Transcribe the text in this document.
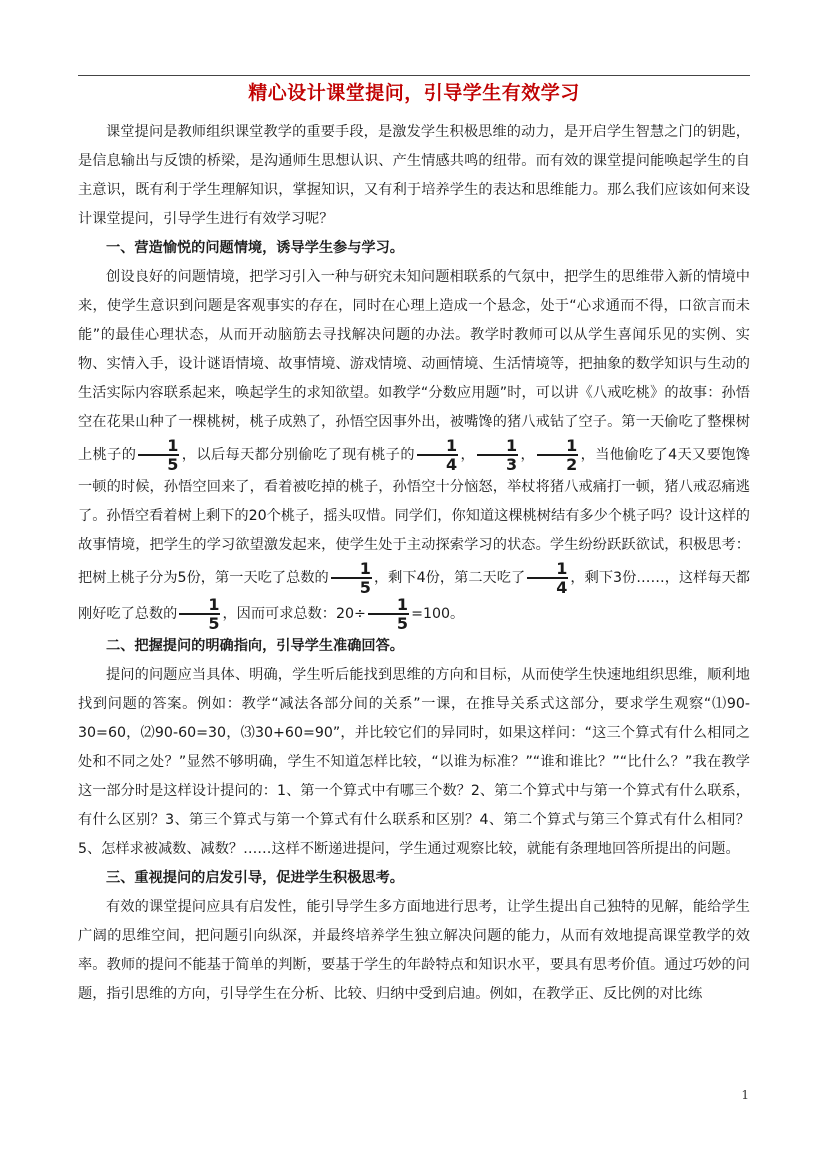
精心设计课堂提问，引导学生有效学习

课堂提问是教师组织课堂教学的重要手段，是激发学生积极思维的动力，是开启学生智慧之门的钥匙，是信息输出与反馈的桥梁，是沟通师生思想认识、产生情感共鸣的纽带。而有效的课堂提问能唤起学生的自主意识，既有利于学生理解知识，掌握知识，又有利于培养学生的表达和思维能力。那么我们应该如何来设计课堂提问，引导学生进行有效学习呢？

一、营造愉悦的问题情境，诱导学生参与学习。

创设良好的问题情境，把学习引入一种与研究未知问题相联系的气氛中，把学生的思维带入新的情境中来，使学生意识到问题是客观事实的存在，同时在心理上造成一个悬念，处于“心求通而不得，口欲言而未能”的最佳心理状态，从而开动脑筋去寻找解决问题的办法。教学时教师可以从学生喜闻乐见的实例、实物、实情入手，设计谜语情境、故事情境、游戏情境、动画情境、生活情境等，把抽象的数学知识与生动的生活实际内容联系起来，唤起学生的求知欲望。如教学“分数应用题”时，可以讲《八戒吃桃》的故事：孙悟空在花果山种了一棵桃树，桃子成熟了，孙悟空因事外出，被嘴馋的猪八戒钻了空子。第一天偷吃了整棵树上桃子的 $\frac{1}{5}$ ，以后每天都分别偷吃了现有桃子的 $\frac{1}{4}$ ， $\frac{1}{3}$ ， $\frac{1}{2}$ ，当他偷吃了4天又要饱馋一顿的时候，孙悟空回来了，看着被吃掉的桃子，孙悟空十分恼怒，举杖将猪八戒痛打一顿，猪八戒忍痛逃了。孙悟空看着树上剩下的20个桃子，摇头叹惜。同学们，你知道这棵桃树结有多少个桃子吗？设计这样的故事情境，把学生的学习欲望激发起来，使学生处于主动探索学习的状态。学生纷纷跃跃欲试，积极思考：把树上桃子分为5份，第一天吃了总数的 $\frac{1}{5}$ ，剩下4份，第二天吃了 $\frac{1}{4}$ ，剩下3份……，这样每天都刚好吃了总数的 $\frac{1}{5}$ ，因而可求总数：$20\div \frac{1}{5} =100$。

二、把握提问的明确指向，引导学生准确回答。

提问的问题应当具体、明确，学生听后能找到思维的方向和目标，从而使学生快速地组织思维，顺利地找到问题的答案。例如：教学“减法各部分间的关系”一课，在推导关系式这部分，要求学生观察“⑴90-30=60，⑵90-60=30，⑶30+60=90”，并比较它们的异同时，如果这样问：“这三个算式有什么相同之处和不同之处？”显然不够明确，学生不知道怎样比较，“以谁为标准？”“谁和谁比？”“比什么？”我在教学这一部分时是这样设计提问的：1、第一个算式中有哪三个数？2、第二个算式中与第一个算式有什么联系，有什么区别？3、第三个算式与第一个算式有什么联系和区别？4、第二个算式与第三个算式有什么相同？5、怎样求被减数、减数？……这样不断递进提问，学生通过观察比较，就能有条理地回答所提出的问题。

三、重视提问的启发引导，促进学生积极思考。

有效的课堂提问应具有启发性，能引导学生多方面地进行思考，让学生提出自己独特的见解，能给学生广阔的思维空间，把问题引向纵深，并最终培养学生独立解决问题的能力，从而有效地提高课堂教学的效率。教师的提问不能基于简单的判断，要基于学生的年龄特点和知识水平，要具有思考价值。通过巧妙的问题，指引思维的方向，引导学生在分析、比较、归纳中受到启迪。例如，在教学正、反比例的对比练

1
